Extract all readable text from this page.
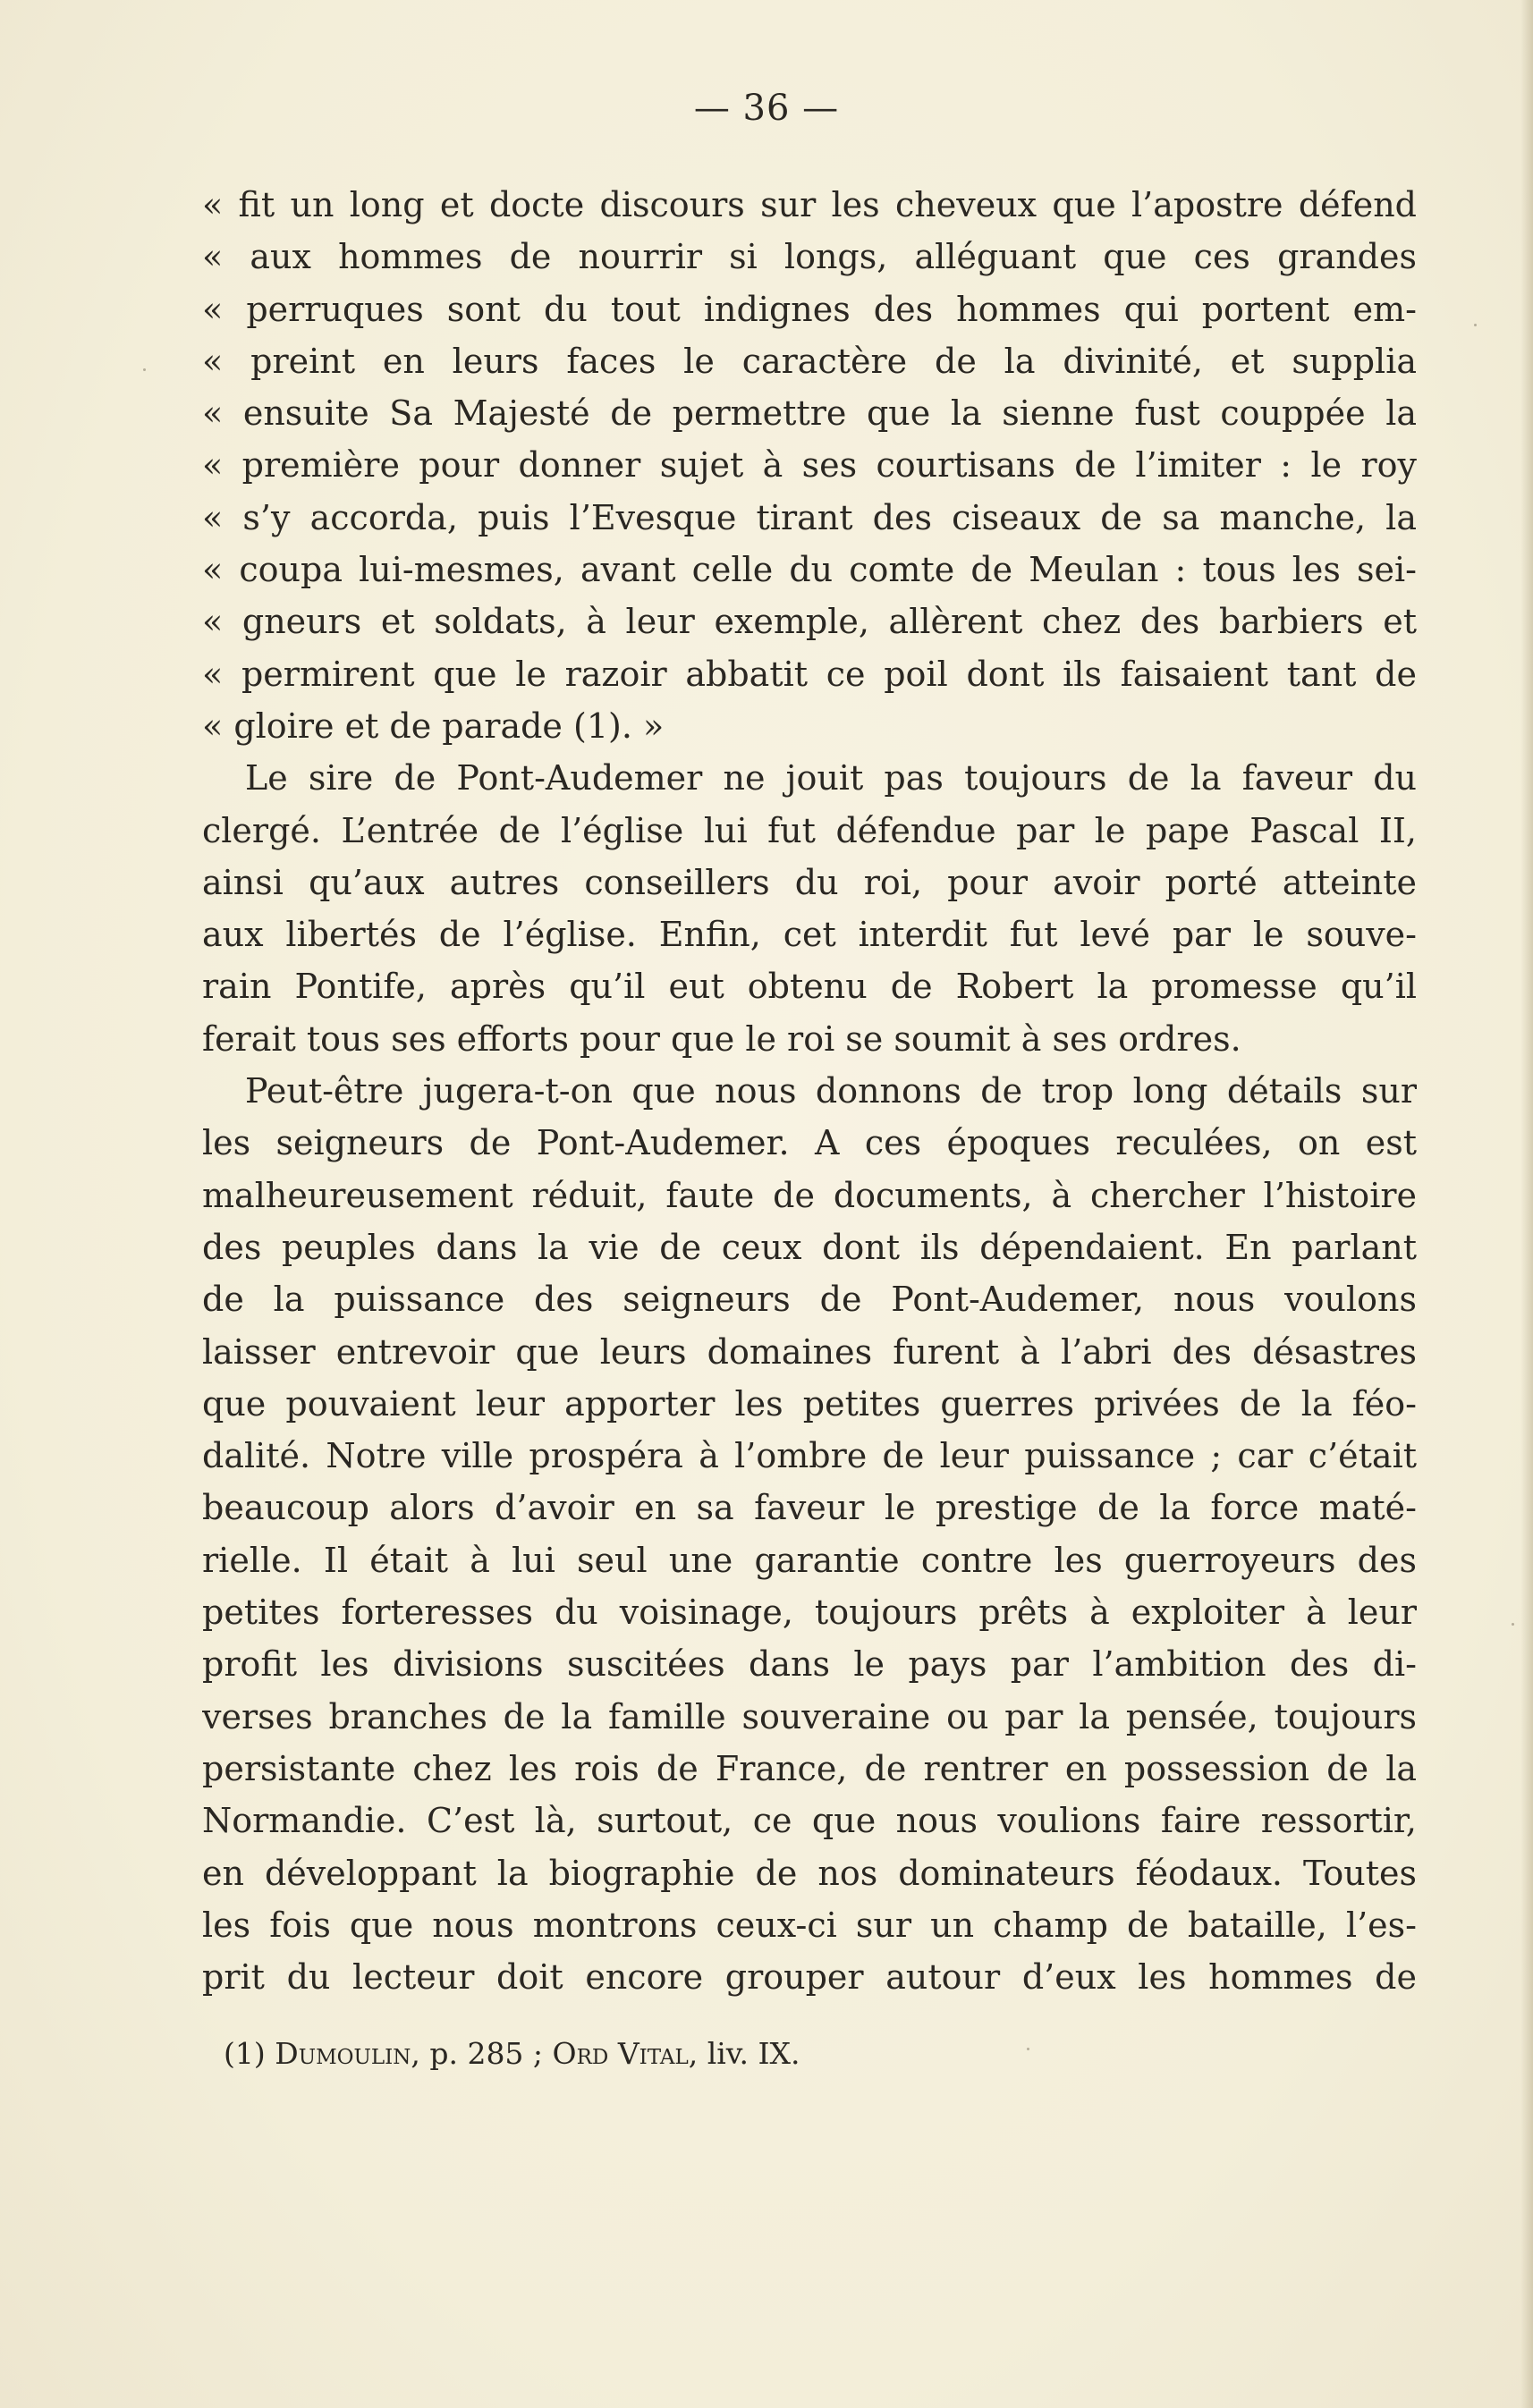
— 36 —
« fit un long et docte discours sur les cheveux que l’apostre défend
« aux hommes de nourrir si longs, alléguant que ces grandes
« perruques sont du tout indignes des hommes qui portent em-
« preint en leurs faces le caractère de la divinité, et supplia
« ensuite Sa Majesté de permettre que la sienne fust couppée la
« première pour donner sujet à ses courtisans de l’imiter : le roy
« s’y accorda, puis l’Evesque tirant des ciseaux de sa manche, la
« coupa lui-mesmes, avant celle du comte de Meulan : tous les sei-
« gneurs et soldats, à leur exemple, allèrent chez des barbiers et
« permirent que le razoir abbatit ce poil dont ils faisaient tant de
« gloire et de parade (1). »
Le sire de Pont-Audemer ne jouit pas toujours de la faveur du
clergé. L’entrée de l’église lui fut défendue par le pape Pascal II,
ainsi qu’aux autres conseillers du roi, pour avoir porté atteinte
aux libertés de l’église. Enfin, cet interdit fut levé par le souve-
rain Pontife, après qu’il eut obtenu de Robert la promesse qu’il
ferait tous ses efforts pour que le roi se soumit à ses ordres.
Peut-être jugera-t-on que nous donnons de trop long détails sur
les seigneurs de Pont-Audemer. A ces époques reculées, on est
malheureusement réduit, faute de documents, à chercher l’histoire
des peuples dans la vie de ceux dont ils dépendaient. En parlant
de la puissance des seigneurs de Pont-Audemer, nous voulons
laisser entrevoir que leurs domaines furent à l’abri des désastres
que pouvaient leur apporter les petites guerres privées de la féo-
dalité. Notre ville prospéra à l’ombre de leur puissance ; car c’était
beaucoup alors d’avoir en sa faveur le prestige de la force maté-
rielle. Il était à lui seul une garantie contre les guerroyeurs des
petites forteresses du voisinage, toujours prêts à exploiter à leur
profit les divisions suscitées dans le pays par l’ambition des di-
verses branches de la famille souveraine ou par la pensée, toujours
persistante chez les rois de France, de rentrer en possession de la
Normandie. C’est là, surtout, ce que nous voulions faire ressortir,
en développant la biographie de nos dominateurs féodaux. Toutes
les fois que nous montrons ceux-ci sur un champ de bataille, l’es-
prit du lecteur doit encore grouper autour d’eux les hommes de
(1) Dumoulin, p. 285 ; Ord Vital, liv. IX.
